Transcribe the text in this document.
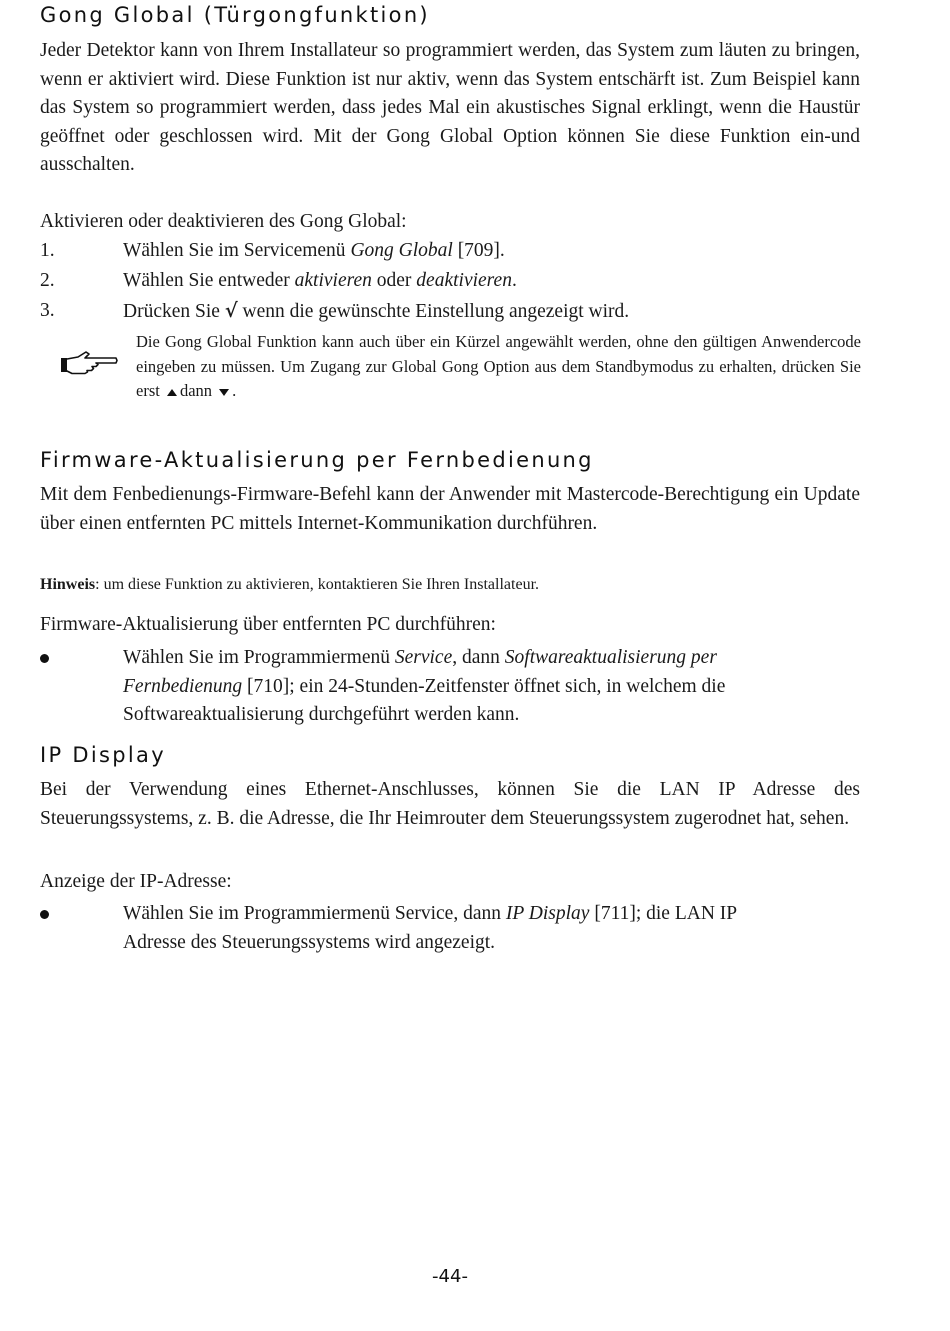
Gong Global (Türgongfunktion)

Jeder Detektor kann von Ihrem Installateur so programmiert werden, das System zum läuten zu bringen, wenn er aktiviert wird. Diese Funktion ist nur aktiv, wenn das System entschärft ist. Zum Beispiel kann das System so programmiert werden, dass jedes Mal ein akustisches Signal erklingt, wenn die Haustür geöffnet oder geschlossen wird. Mit der Gong Global Option können Sie diese Funktion ein-und ausschalten.

Aktivieren oder deaktivieren des Gong Global:
1.	Wählen Sie im Servicemenü Gong Global [709].
2.	Wählen Sie entweder aktivieren oder deaktivieren.
3.	Drücken Sie √ wenn die gewünschte Einstellung angezeigt wird.

Die Gong Global Funktion kann auch über ein Kürzel angewählt werden, ohne den gültigen Anwendercode eingeben zu müssen. Um Zugang zur Global Gong Option aus dem Standbymodus zu erhalten, drücken Sie erst dann .

Firmware-Aktualisierung per Fernbedienung

Mit dem Fenbedienungs-Firmware-Befehl kann der Anwender mit Mastercode-Berechtigung ein Update über einen entfernten PC mittels Internet-Kommunikation durchführen.

Hinweis: um diese Funktion zu aktivieren, kontaktieren Sie Ihren Installateur.
Firmware-Aktualisierung über entfernten PC durchführen:
Wählen Sie im Programmiermenü Service, dann Softwareaktualisierung per Fernbedienung [710]; ein 24-Stunden-Zeitfenster öffnet sich, in welchem die Softwareaktualisierung durchgeführt werden kann.
IP Display

Bei der Verwendung eines Ethernet-Anschlusses, können Sie die LAN IP Adresse des Steuerungssystems, z. B. die Adresse, die Ihr Heimrouter dem Steuerungssystem zugerodnet hat, sehen.

Anzeige der IP-Adresse:
Wählen Sie im Programmiermenü Service, dann IP Display [711]; die LAN IP Adresse des Steuerungssystems wird angezeigt.
-44-
